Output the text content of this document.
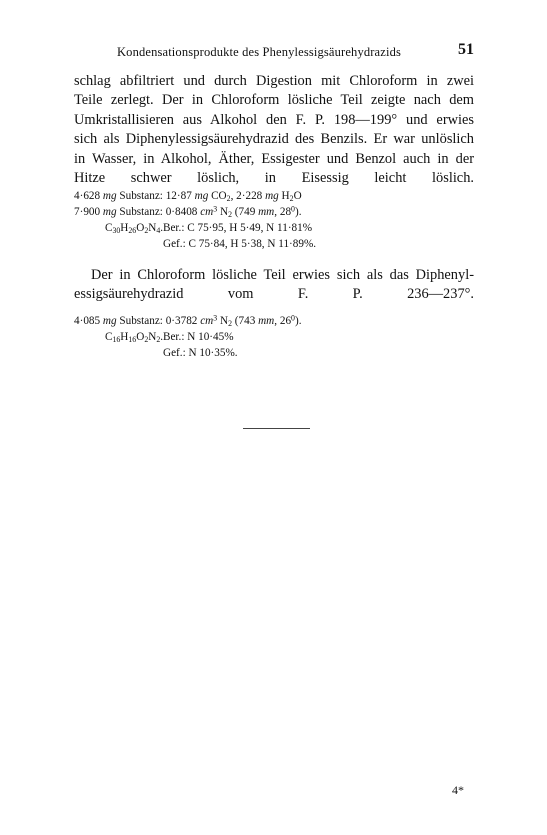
Kondensationsprodukte des Phenylessigsäurehydrazids	51
schlag abfiltriert und durch Digestion mit Chloroform in zwei
Teile zerlegt. Der in Chloroform lösliche Teil zeigte nach dem
Umkristallisieren aus Alkohol den F. P. 198—199° und erwies
sich als Diphenylessigsäurehydrazid des Benzils. Er war unlöslich
in Wasser, in Alkohol, Äther, Essigester und Benzol auch in der
Hitze schwer löslich, in Eisessig leicht löslich.
4·628 mg Substanz: 12·87 mg $CO_2$, 2·228 mg $H_2O$
7·900 mg Substanz: 0·8408 $cm^3$ $N_2$ (749 mm, $28^0$).
$C_{30}H_{26}O_2N_4$. Ber.: C 75·95, H 5·49, N 11·81%
Gef.: C 75·84, H 5·38, N 11·89%.
Der in Chloroform lösliche Teil erwies sich als das Diphenyl-
essigsäurehydrazid vom F. P. 236—237°.
4·085 mg Substanz: 0·3782 $cm^3$ $N_2$ (743 mm, $26^0$).
$C_{16}H_{16}O_2N_2$. Ber.: N 10·45%
Gef.: N 10·35%.
4*
